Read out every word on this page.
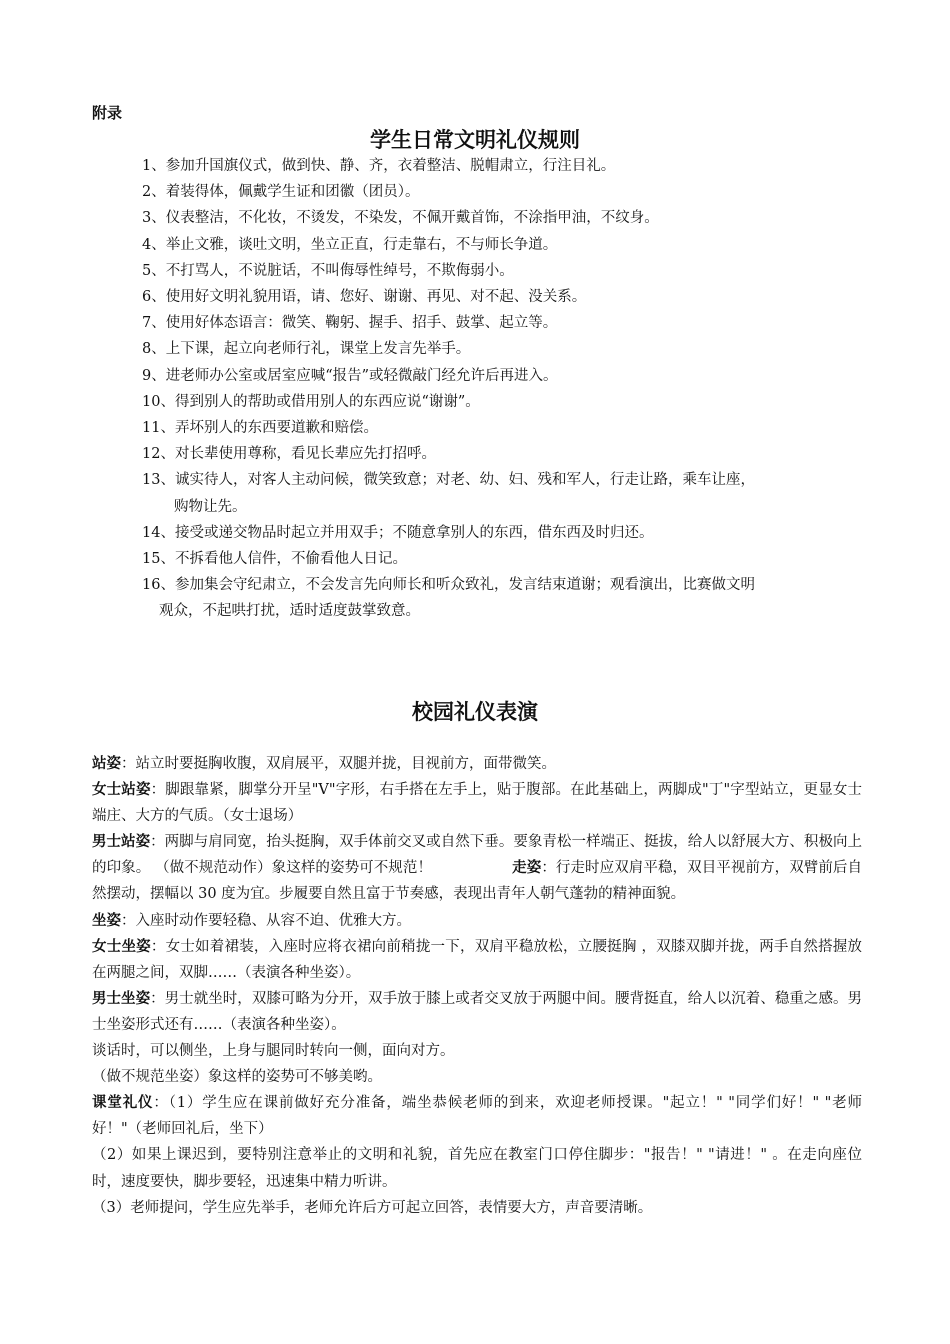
附录
学生日常文明礼仪规则
1、参加升国旗仪式，做到快、静、齐，衣着整洁、脱帽肃立，行注目礼。
2、着装得体，佩戴学生证和团徽（团员）。
3、仪表整洁，不化妆，不烫发，不染发，不佩开戴首饰，不涂指甲油，不纹身。
4、举止文雅，谈吐文明，坐立正直，行走靠右，不与师长争道。
5、不打骂人，不说脏话，不叫侮辱性绰号，不欺侮弱小。
6、使用好文明礼貌用语，请、您好、谢谢、再见、对不起、没关系。
7、使用好体态语言：微笑、鞠躬、握手、招手、鼓掌、起立等。
8、上下课，起立向老师行礼，课堂上发言先举手。
9、进老师办公室或居室应喊“报告”或轻微敲门经允许后再进入。
10、得到别人的帮助或借用别人的东西应说“谢谢”。
11、弄坏别人的东西要道歉和赔偿。
12、对长辈使用尊称，看见长辈应先打招呼。
13、诚实待人，对客人主动问候，微笑致意；对老、幼、妇、残和军人，行走让路，乘车让座，
购物让先。
14、接受或递交物品时起立并用双手；不随意拿别人的东西，借东西及时归还。
15、不拆看他人信件，不偷看他人日记。
16、参加集会守纪肃立，不会发言先向师长和听众致礼，发言结束道谢；观看演出，比赛做文明
观众，不起哄打扰，适时适度鼓掌致意。
校园礼仪表演

站姿：站立时要挺胸收腹，双肩展平，双腿并拢，目视前方，面带微笑。

女士站姿：脚跟靠紧，脚掌分开呈"V"字形，右手搭在左手上，贴于腹部。在此基础上，两脚成"丁"字型站立，更显女士端庄、大方的气质。（女士退场）

男士站姿：两脚与肩同宽，抬头挺胸，双手体前交叉或自然下垂。要象青松一样端正、挺拔，给人以舒展大方、积极向上的印象。 （做不规范动作）象这样的姿势可不规范！	走姿：行走时应双肩平稳，双目平视前方，双臂前后自然摆动，摆幅以 30 度为宜。步履要自然且富于节奏感，表现出青年人朝气蓬勃的精神面貌。

坐姿：入座时动作要轻稳、从容不迫、优雅大方。

女士坐姿：女士如着裙装，入座时应将衣裙向前稍拢一下，双肩平稳放松，立腰挺胸 ，双膝双脚并拢，两手自然搭握放在两腿之间，双脚……（表演各种坐姿）。

男士坐姿：男士就坐时，双膝可略为分开，双手放于膝上或者交叉放于两腿中间。腰背挺直，给人以沉着、稳重之感。男士坐姿形式还有……（表演各种坐姿）。

谈话时，可以侧坐，上身与腿同时转向一侧，面向对方。

（做不规范坐姿）象这样的姿势可不够美哟。

课堂礼仪：（1）学生应在课前做好充分准备，端坐恭候老师的到来，欢迎老师授课。"起立！" "同学们好！" "老师好！"（老师回礼后，坐下）

（2）如果上课迟到，要特别注意举止的文明和礼貌，首先应在教室门口停住脚步："报告！" "请进！" 。在走向座位时，速度要快，脚步要轻，迅速集中精力听讲。

（3）老师提问，学生应先举手，老师允许后方可起立回答，表情要大方，声音要清晰。
